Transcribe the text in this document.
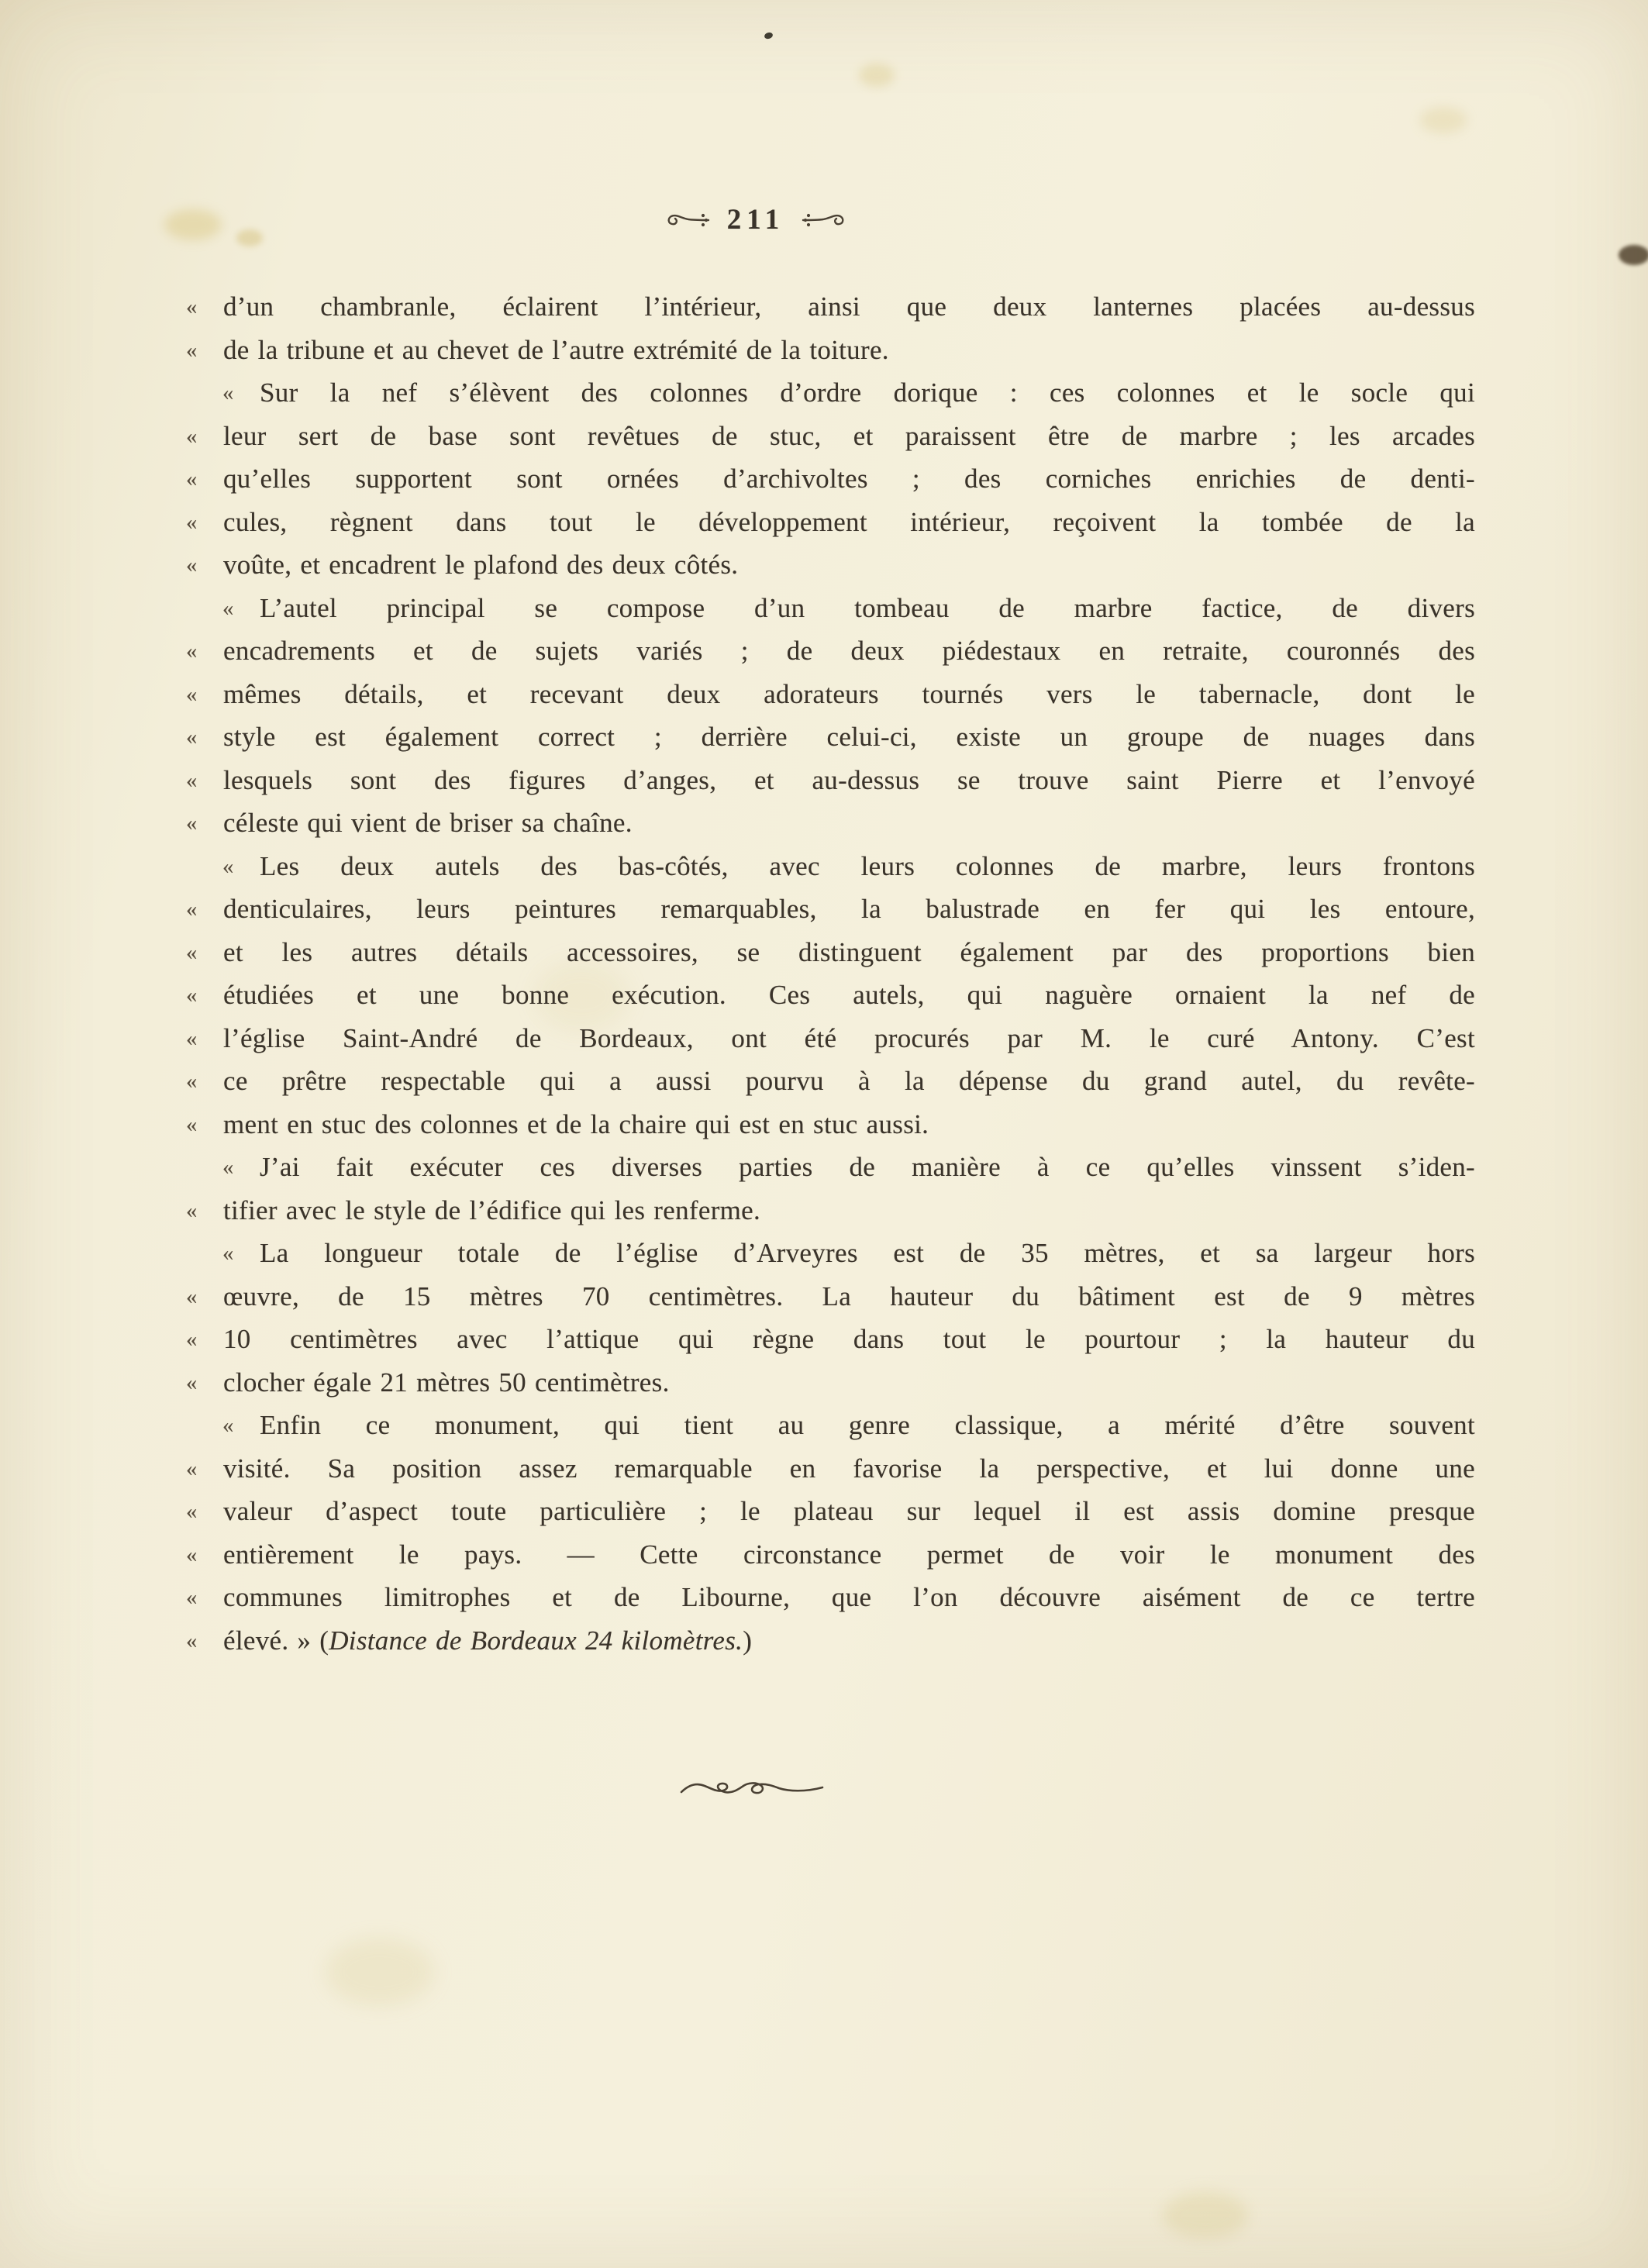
211
« d’un chambranle, éclairent l’intérieur, ainsi que deux lanternes placées au-dessus
« de la tribune et au chevet de l’autre extrémité de la toiture.
« Sur la nef s’élèvent des colonnes d’ordre dorique : ces colonnes et le socle qui
« leur sert de base sont revêtues de stuc, et paraissent être de marbre ; les arcades
« qu’elles supportent sont ornées d’archivoltes ; des corniches enrichies de denti-
« cules, règnent dans tout le développement intérieur, reçoivent la tombée de la
« voûte, et encadrent le plafond des deux côtés.
« L’autel principal se compose d’un tombeau de marbre factice, de divers
« encadrements et de sujets variés ; de deux piédestaux en retraite, couronnés des
« mêmes détails, et recevant deux adorateurs tournés vers le tabernacle, dont le
« style est également correct ; derrière celui-ci, existe un groupe de nuages dans
« lesquels sont des figures d’anges, et au-dessus se trouve saint Pierre et l’envoyé
« céleste qui vient de briser sa chaîne.
« Les deux autels des bas-côtés, avec leurs colonnes de marbre, leurs frontons
« denticulaires, leurs peintures remarquables, la balustrade en fer qui les entoure,
« et les autres détails accessoires, se distinguent également par des proportions bien
« étudiées et une bonne exécution. Ces autels, qui naguère ornaient la nef de
« l’église Saint-André de Bordeaux, ont été procurés par M. le curé Antony. C’est
« ce prêtre respectable qui a aussi pourvu à la dépense du grand autel, du revête-
« ment en stuc des colonnes et de la chaire qui est en stuc aussi.
« J’ai fait exécuter ces diverses parties de manière à ce qu’elles vinssent s’iden-
« tifier avec le style de l’édifice qui les renferme.
« La longueur totale de l’église d’Arveyres est de 35 mètres, et sa largeur hors
« œuvre, de 15 mètres 70 centimètres. La hauteur du bâtiment est de 9 mètres
« 10 centimètres avec l’attique qui règne dans tout le pourtour ; la hauteur du
« clocher égale 21 mètres 50 centimètres.
« Enfin ce monument, qui tient au genre classique, a mérité d’être souvent
« visité. Sa position assez remarquable en favorise la perspective, et lui donne une
« valeur d’aspect toute particulière ; le plateau sur lequel il est assis domine presque
« entièrement le pays. — Cette circonstance permet de voir le monument des
« communes limitrophes et de Libourne, que l’on découvre aisément de ce tertre
« élevé. » (Distance de Bordeaux 24 kilomètres.)
